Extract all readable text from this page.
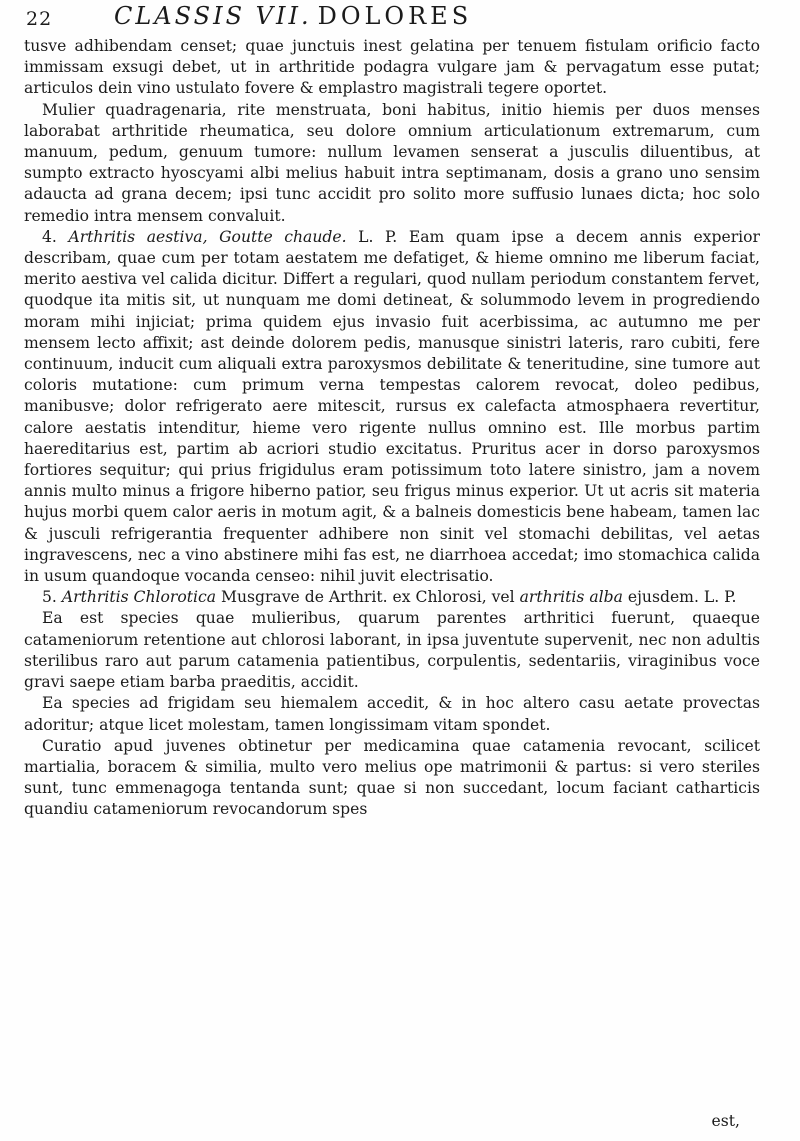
22	CLASSIS VII. DOLORES

tusve adhibendam censet; quae junctuis inest gelatina per tenuem fistulam orificio facto immissam exsugi debet, ut in arthritide podagra vulgare jam & pervagatum esse putat; articulos dein vino ustulato fovere & emplastro magistrali tegere oportet.

Mulier quadragenaria, rite menstruata, boni habitus, initio hiemis per duos menses laborabat arthritide rheumatica, seu dolore omnium articulationum extremarum, cum manuum, pedum, genuum tumore: nullum levamen senserat a jusculis diluentibus, at sumpto extracto hyoscyami albi melius habuit intra septimanam, dosis a grano uno sensim adaucta ad grana decem; ipsi tunc accidit pro solito more suffusio lunaes dicta; hoc solo remedio intra mensem convaluit.

4. Arthritis aestiva, Goutte chaude. L. P. Eam quam ipse a decem annis experior describam, quae cum per totam aestatem me defatiget, & hieme omnino me liberum faciat, merito aestiva vel calida dicitur. Differt a regulari, quod nullam periodum constantem fervet, quodque ita mitis sit, ut nunquam me domi detineat, & solummodo levem in progrediendo moram mihi injiciat; prima quidem ejus invasio fuit acerbissima, ac autumno me per mensem lecto affixit; ast deinde dolorem pedis, manusque sinistri lateris, raro cubiti, fere continuum, inducit cum aliquali extra paroxysmos debilitate & teneritudine, sine tumore aut coloris mutatione: cum primum verna tempestas calorem revocat, doleo pedibus, manibusve; dolor refrigerato aere mitescit, rursus ex calefacta atmosphaera revertitur, calore aestatis intenditur, hieme vero rigente nullus omnino est. Ille morbus partim haereditarius est, partim ab acriori studio excitatus. Pruritus acer in dorso paroxysmos fortiores sequitur; qui prius frigidulus eram potissimum toto latere sinistro, jam a novem annis multo minus a frigore hiberno patior, seu frigus minus experior. Ut ut acris sit materia hujus morbi quem calor aeris in motum agit, & a balneis domesticis bene habeam, tamen lac & jusculi refrigerantia frequenter adhibere non sinit vel stomachi debilitas, vel aetas ingravescens, nec a vino abstinere mihi fas est, ne diarrhoea accedat; imo stomachica calida in usum quandoque vocanda censeo: nihil juvit electrisatio.

5. Arthritis Chlorotica Musgrave de Arthrit. ex Chlorosi, vel arthritis alba ejusdem. L. P.

Ea est species quae mulieribus, quarum parentes arthritici fuerunt, quaeque catameniorum retentione aut chlorosi laborant, in ipsa juventute supervenit, nec non adultis sterilibus raro aut parum catamenia patientibus, corpulentis, sedentariis, viraginibus voce gravi saepe etiam barba praeditis, accidit.

Ea species ad frigidam seu hiemalem accedit, & in hoc altero casu aetate provectas adoritur; atque licet molestam, tamen longissimam vitam spondet.

Curatio apud juvenes obtinetur per medicamina quae catamenia revocant, scilicet martialia, boracem & similia, multo vero melius ope matrimonii & partus: si vero steriles sunt, tunc emmenagoga tentanda sunt; quae si non succedant, locum faciant catharticis quandiu catameniorum revocandorum spes

est,
